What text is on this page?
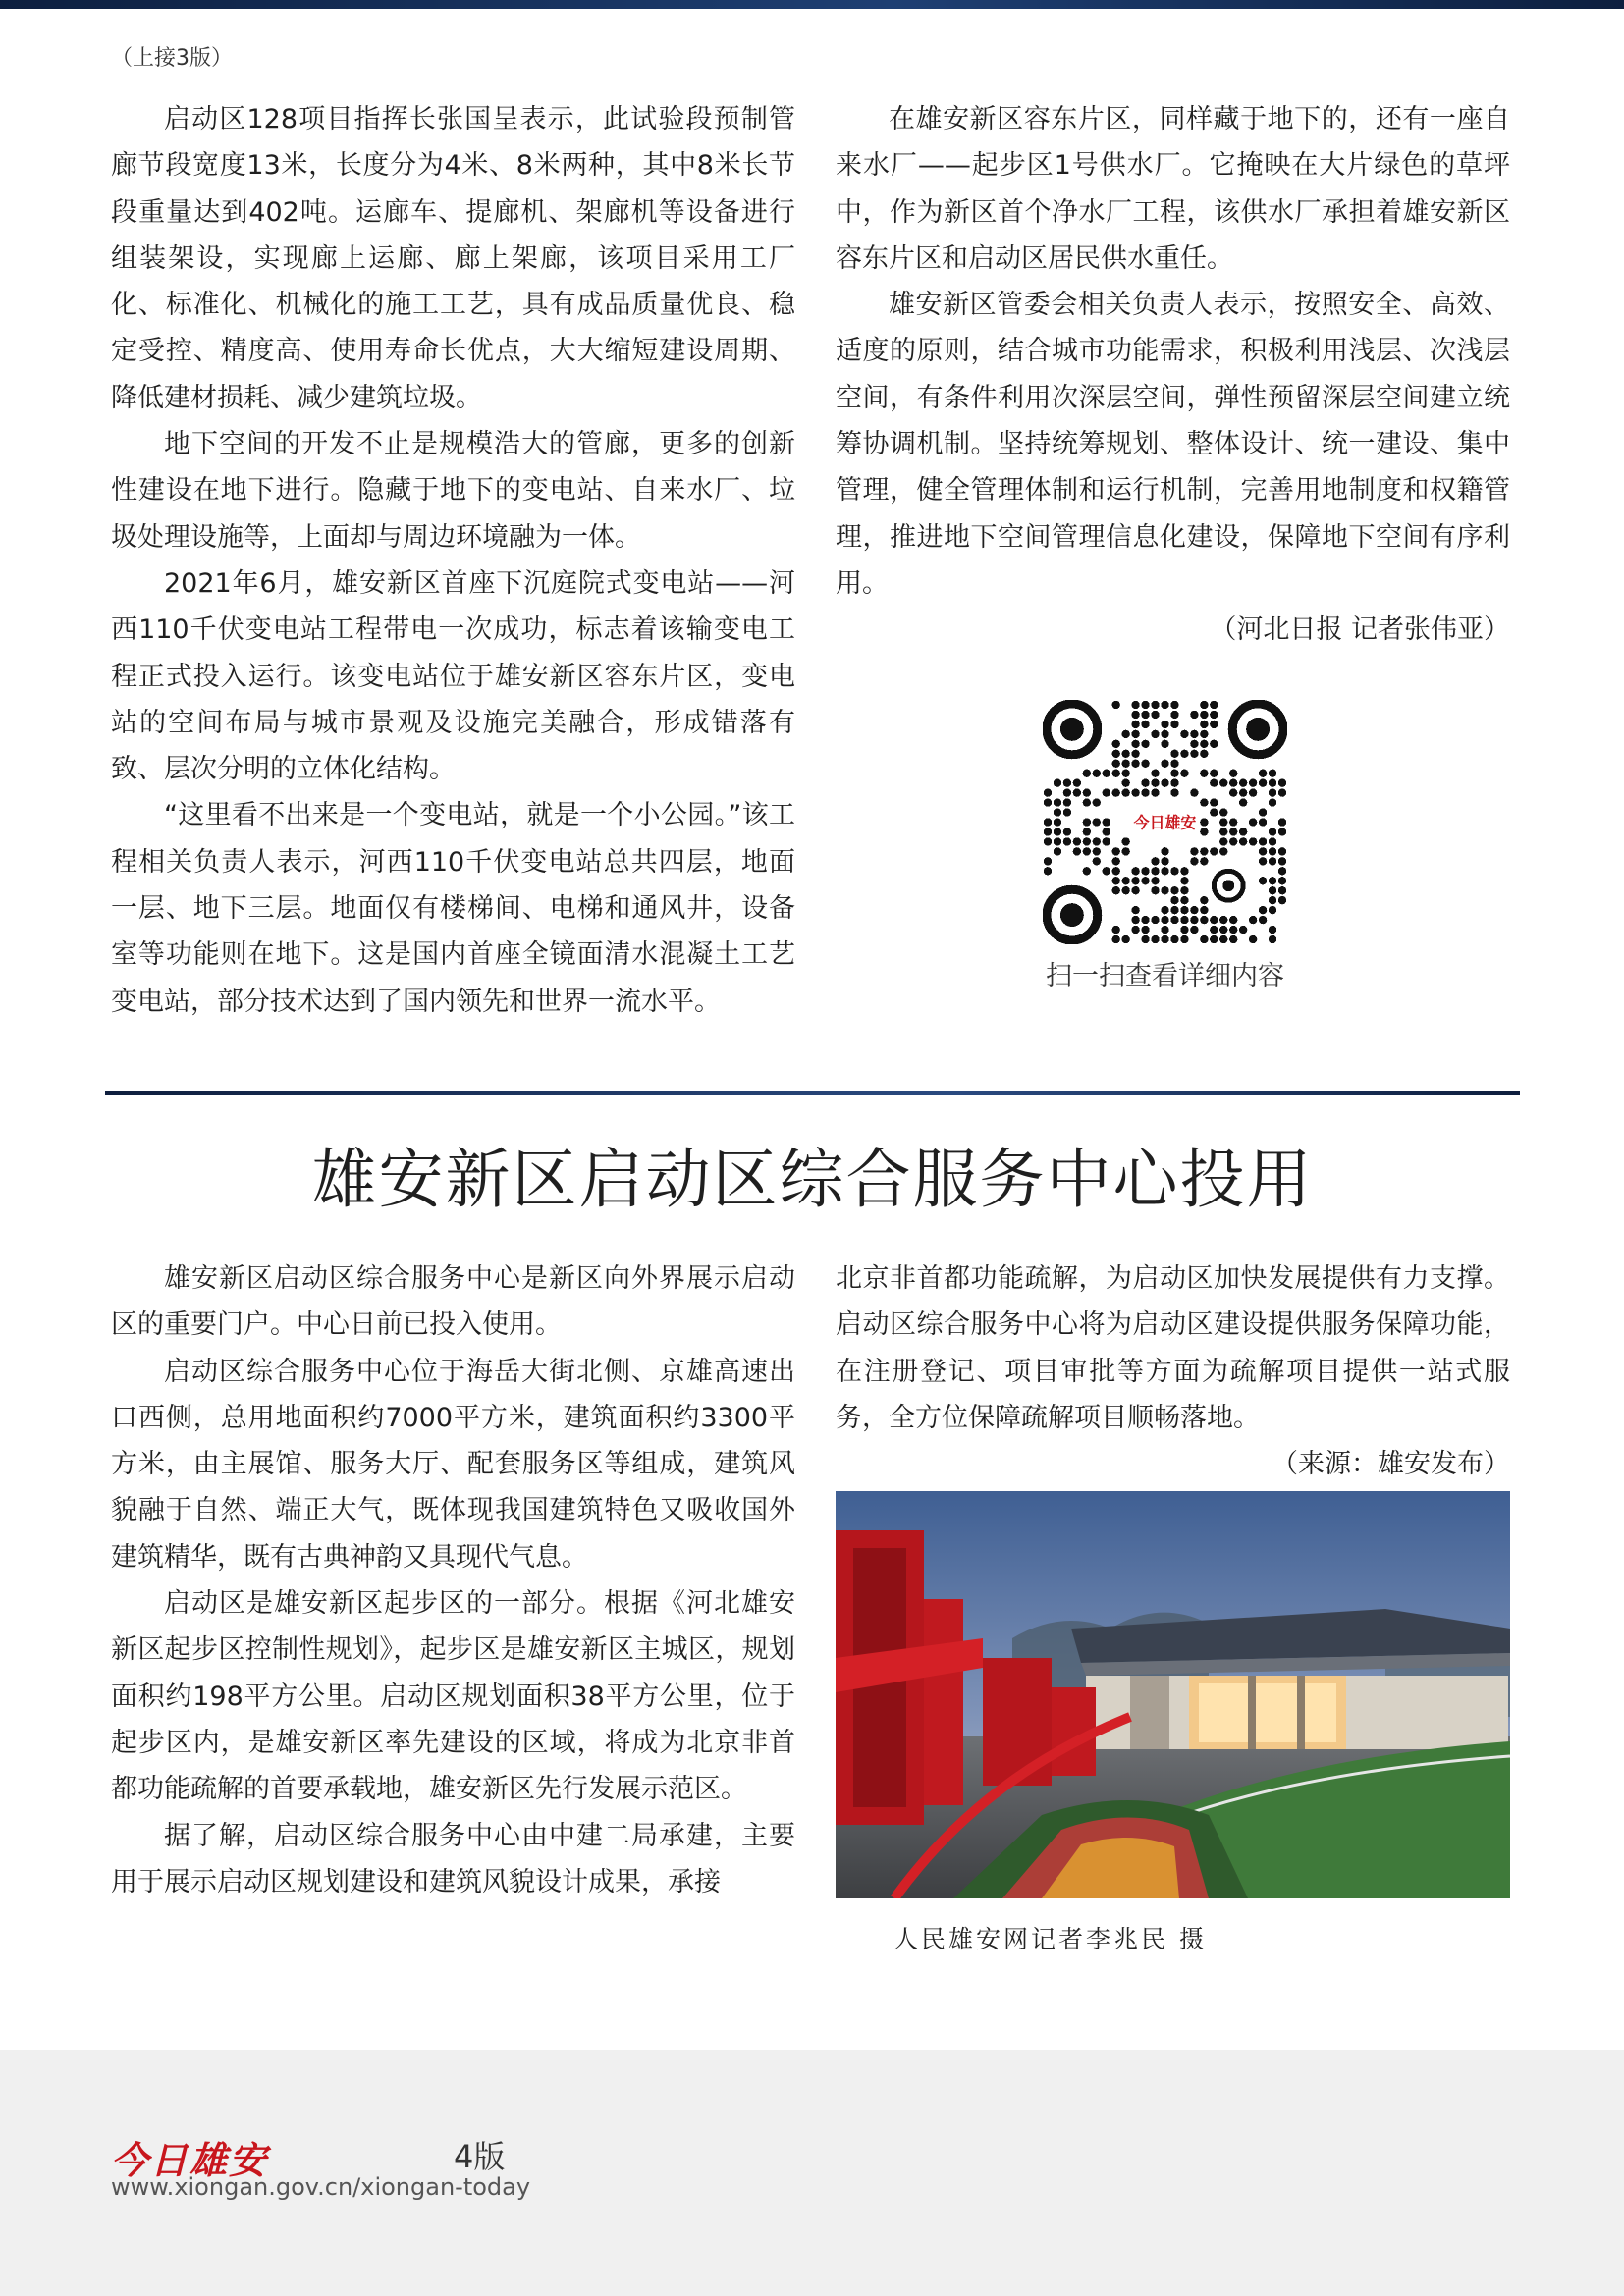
（上接3版）

启动区128项目指挥长张国呈表示，此试验段预制管廊节段宽度13米，长度分为4米、8米两种，其中8米长节段重量达到402吨。运廊车、提廊机、架廊机等设备进行组装架设，实现廊上运廊、廊上架廊，该项目采用工厂化、标准化、机械化的施工工艺，具有成品质量优良、稳定受控、精度高、使用寿命长优点，大大缩短建设周期、降低建材损耗、减少建筑垃圾。

地下空间的开发不止是规模浩大的管廊，更多的创新性建设在地下进行。隐藏于地下的变电站、自来水厂、垃圾处理设施等，上面却与周边环境融为一体。

2021年6月，雄安新区首座下沉庭院式变电站——河西110千伏变电站工程带电一次成功，标志着该输变电工程正式投入运行。该变电站位于雄安新区容东片区，变电站的空间布局与城市景观及设施完美融合，形成错落有致、层次分明的立体化结构。

“这里看不出来是一个变电站，就是一个小公园。”该工程相关负责人表示，河西110千伏变电站总共四层，地面一层、地下三层。地面仅有楼梯间、电梯和通风井，设备室等功能则在地下。这是国内首座全镜面清水混凝土工艺变电站，部分技术达到了国内领先和世界一流水平。

在雄安新区容东片区，同样藏于地下的，还有一座自来水厂——起步区1号供水厂。它掩映在大片绿色的草坪中，作为新区首个净水厂工程，该供水厂承担着雄安新区容东片区和启动区居民供水重任。

雄安新区管委会相关负责人表示，按照安全、高效、适度的原则，结合城市功能需求，积极利用浅层、次浅层空间，有条件利用次深层空间，弹性预留深层空间建立统筹协调机制。坚持统筹规划、整体设计、统一建设、集中管理，健全管理体制和运行机制，完善用地制度和权籍管理，推进地下空间管理信息化建设，保障地下空间有序利用。

（河北日报 记者张伟亚）
今日雄安
扫一扫查看详细内容
雄安新区启动区综合服务中心投用

雄安新区启动区综合服务中心是新区向外界展示启动区的重要门户。中心日前已投入使用。

启动区综合服务中心位于海岳大街北侧、京雄高速出口西侧，总用地面积约7000平方米，建筑面积约3300平方米，由主展馆、服务大厅、配套服务区等组成，建筑风貌融于自然、端正大气，既体现我国建筑特色又吸收国外建筑精华，既有古典神韵又具现代气息。

启动区是雄安新区起步区的一部分。根据《河北雄安新区起步区控制性规划》，起步区是雄安新区主城区，规划面积约198平方公里。启动区规划面积38平方公里，位于起步区内，是雄安新区率先建设的区域，将成为北京非首都功能疏解的首要承载地，雄安新区先行发展示范区。

据了解，启动区综合服务中心由中建二局承建，主要用于展示启动区规划建设和建筑风貌设计成果，承接

北京非首都功能疏解，为启动区加快发展提供有力支撑。启动区综合服务中心将为启动区建设提供服务保障功能，在注册登记、项目审批等方面为疏解项目提供一站式服务，全方位保障疏解项目顺畅落地。

（来源：雄安发布）
人民雄安网记者李兆民 摄
今日雄安	4版
www.xiongan.gov.cn/xiongan-today
